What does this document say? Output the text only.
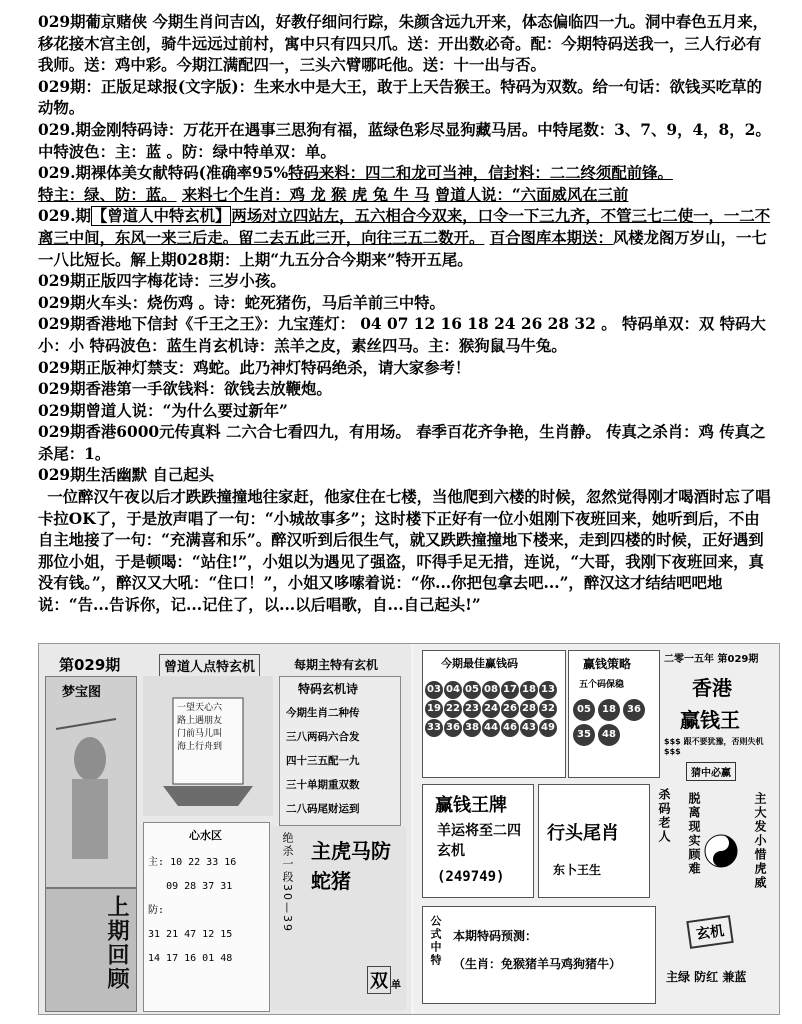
029期葡京赌侠 今期生肖问吉凶，好教仔细问行踪，朱颜含远九开来，体态偏临四一九。洞中春色五月来，移花接木宫主创，骑牛远远过前村，寓中只有四只爪。送：开出数必奇。配：今期特码送我一，三人行必有我师。送：鸡中彩。今期江满配四一，三头六臂哪吒他。送：十一出与否。

029期：正版足球报(文字版)：生来水中是大王，敢于上天告猴王。特码为双数。给一句话：欲钱买吃草的动物。

029.期金刚特码诗：万花开在遇事三思狗有福，蓝绿色彩尽显狗藏马居。中特尾数：3、7、9，4，8，2。中特波色：主：蓝 。防：绿中特单双：单。

029.期裸体美女献特码(准确率95%特码来料：四二和龙可当神，信封料：二二终须配前锋。
特主：绿、防：蓝。 来料七个生肖：鸡 龙 猴 虎 兔 牛 马 曾道人说：“六面威风在三前

029.期【曾道人中特玄机】两场对立四站左，五六相合今双来，口令一下三九齐，不管三七二使一，一二不离三中间，东风一来三后走。留二去五此三开，向往三五二数开。 百合图库本期送：风楼龙阁万岁山，一七一八比短长。解上期028期：上期“九五分合今期来”特开五尾。

029期正版四字梅花诗：三岁小孩。

029期火车头：烧伤鸡 。诗：蛇死猪伤，马后羊前三中特。

029期香港地下信封《千王之王》：九宝莲灯： 04 07 12 16 18 24 26 28 32 。 特码单双：双 特码大小：小 特码波色：蓝生肖玄机诗：羔羊之皮，素丝四马。主：猴狗鼠马牛兔。

029期正版神灯禁支：鸡蛇。此乃神灯特码绝杀，请大家参考！

029期香港第一手欲钱料：欲钱去放鞭炮。

029期曾道人说：“为什么要过新年”

029期香港6000元传真料 二六合七看四九，有用场。 春季百花齐争艳，生肖静。 传真之杀肖：鸡 传真之杀尾：1。

029期生活幽默 自己起头

一位醉汉午夜以后才跌跌撞撞地往家赶，他家住在七楼，当他爬到六楼的时候，忽然觉得刚才喝酒时忘了唱卡拉OK了，于是放声唱了一句：“小城故事多”；这时楼下正好有一位小姐刚下夜班回来，她听到后，不由自主地接了一句：“充满喜和乐”。醉汉听到后很生气，就又跌跌撞撞地下楼来，走到四楼的时候，正好遇到那位小姐，于是顿喝：“站住!”，小姐以为遇见了强盗，吓得手足无措，连说，“大哥，我刚下夜班回来，真没有钱。”，醉汉又大吼：“住口！”，小姐又哆嗦着说：“你...你把包拿去吧...”，醉汉这才结结吧吧地说：“告...告诉你，记...记住了，以...以后唱歌，自...自己起头!”

第029期	曾道人点特玄机	每期主特有玄机
梦宝图
上期回顾
一望天心六
路上遇朋友
门前马儿叫
海上行舟到
特码玄机诗
今期生肖二种传
三八两码六合发
四十三五配一九
三十单期重双数
二八码尾财运到
心水区
主: 10 22 33 16
09 28 37 31
防:
31 21 47 12 15
14 17 16 01 48
绝杀一段30—39 主虎马防蛇猪
双 单
今期最佳赢钱码
03 04 05 08 17 18 13
19 22 23 24 26 28 32
33 36 38 44 46 43 49
赢钱策略
五个码保稳
05	18	36
35	48
二零一五年 第029期
香港
赢钱王
$$$ 跟不要犹豫，否则失机 $$$
猜中必赢
赢钱王牌
羊运将至二四玄机
(249749)
行头尾肖
东卜王生
杀码老人 脱离现实顾难	主大发小惜虎威
公式中特 本期特码预测：
（生肖：免猴猪羊马鸡狗猪牛）
玄机
主绿 防红 兼蓝
